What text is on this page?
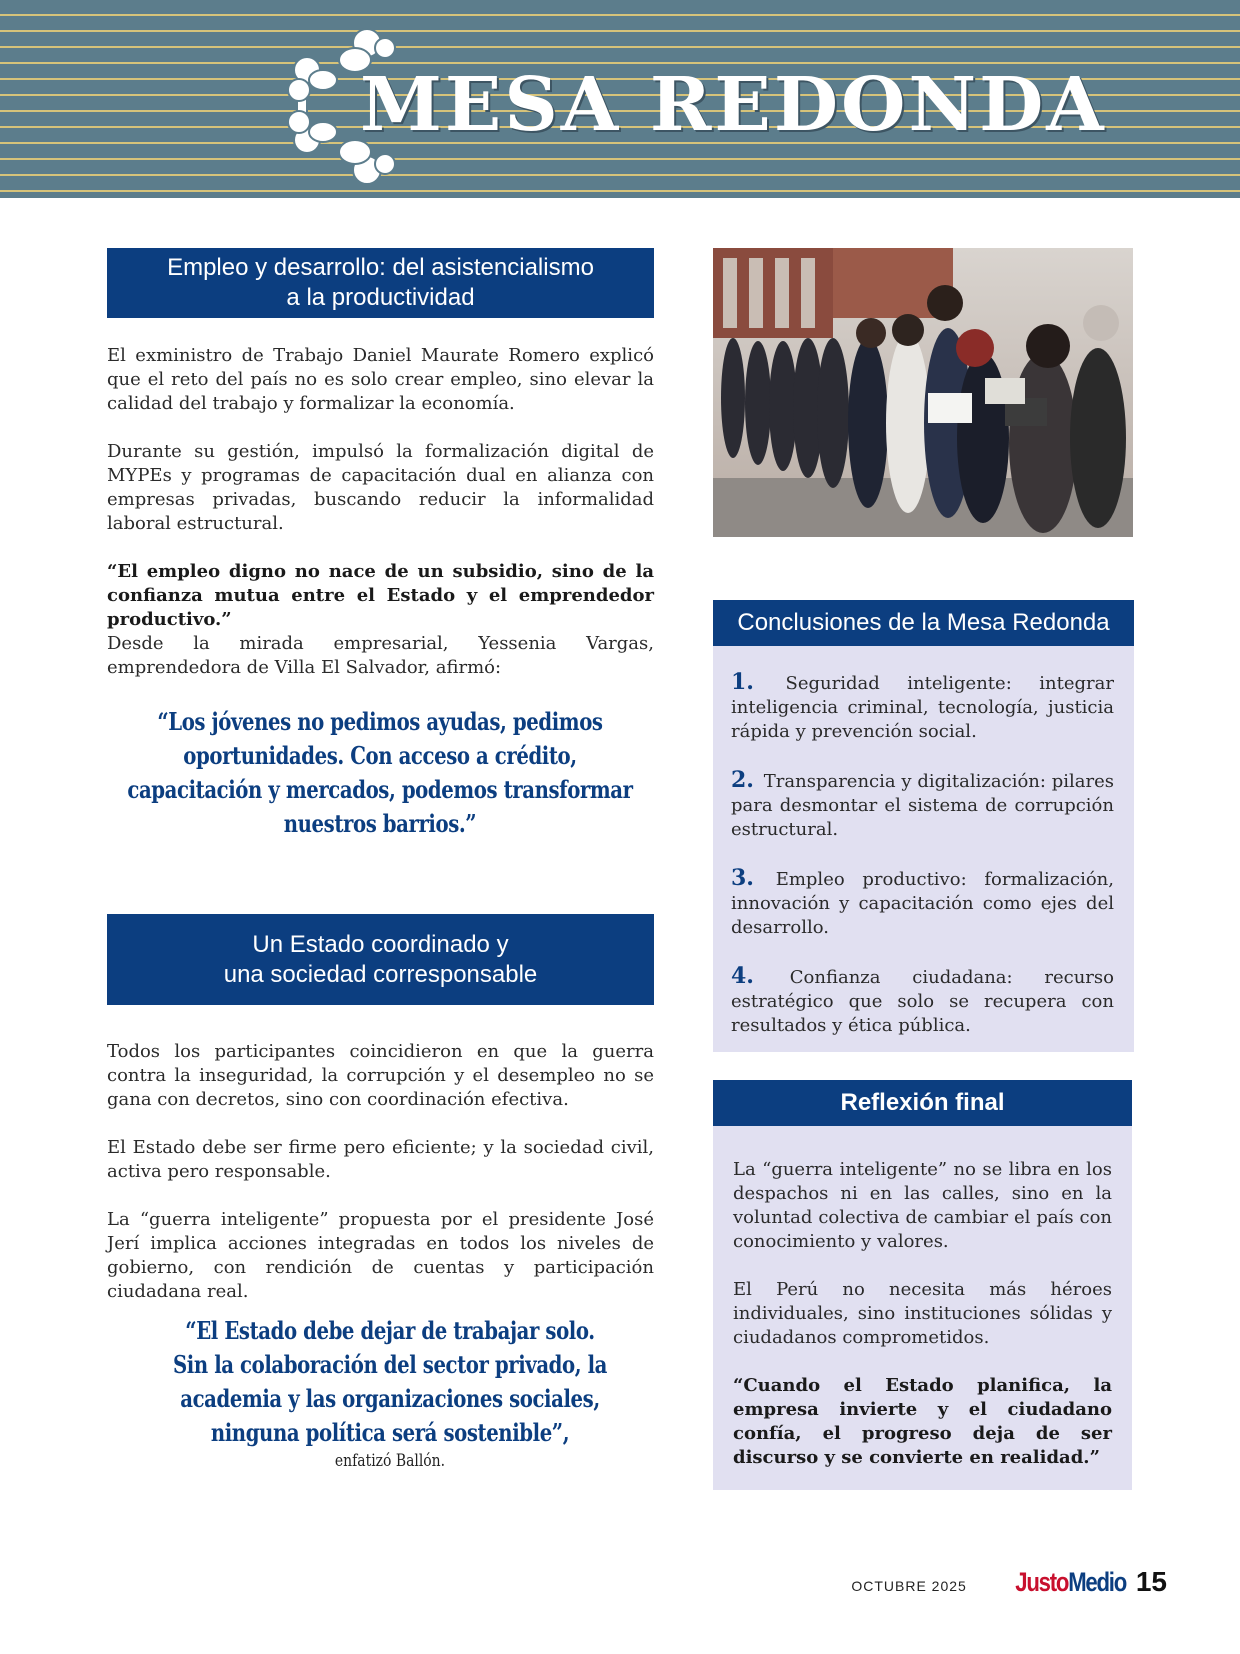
MESA REDONDA
Empleo y desarrollo: del asistencialismo
a la productividad

El exministro de Trabajo Daniel Maurate Romero explicó que el reto del país no es solo crear empleo, sino elevar la calidad del trabajo y formalizar la economía.

Durante su gestión, impulsó la formalización digital de MYPEs y programas de capacitación dual en alianza con empresas privadas, buscando reducir la informalidad laboral estructural.

“El empleo digno no nace de un subsidio, sino de la confianza mutua entre el Estado y el emprendedor productivo.”

Desde la mirada empresarial, Yessenia Vargas, emprendedora de Villa El Salvador, afirmó:

“Los jóvenes no pedimos ayudas, pedimos oportunidades. Con acceso a crédito, capacitación y mercados, podemos transformar nuestros barrios.”
Un Estado coordinado y
una sociedad corresponsable

Todos los participantes coincidieron en que la guerra contra la inseguridad, la corrupción y el desempleo no se gana con decretos, sino con coordinación efectiva.

El Estado debe ser firme pero eficiente; y la sociedad civil, activa pero responsable.

La “guerra inteligente” propuesta por el presidente José Jerí implica acciones integradas en todos los niveles de gobierno, con rendición de cuentas y participación ciudadana real.

“El Estado debe dejar de trabajar solo. Sin la colaboración del sector privado, la academia y las organizaciones sociales, ninguna política será sostenible”,
enfatizó Ballón.
Conclusiones de la Mesa Redonda
1. Seguridad inteligente: integrar inteligencia criminal, tecnología, justicia rápida y prevención social.
2. Transparencia y digitalización: pilares para desmontar el sistema de corrupción estructural.
3. Empleo productivo: formalización, innovación y capacitación como ejes del desarrollo.
4. Confianza ciudadana: recurso estratégico que solo se recupera con resultados y ética pública.
Reflexión final

La “guerra inteligente” no se libra en los despachos ni en las calles, sino en la voluntad colectiva de cambiar el país con conocimiento y valores.

El Perú no necesita más héroes individuales, sino instituciones sólidas y ciudadanos comprometidos.

“Cuando el Estado planifica, la empresa invierte y el ciudadano confía, el progreso deja de ser discurso y se convierte en realidad.”

OCTUBRE 2025 JustoMedio 15
